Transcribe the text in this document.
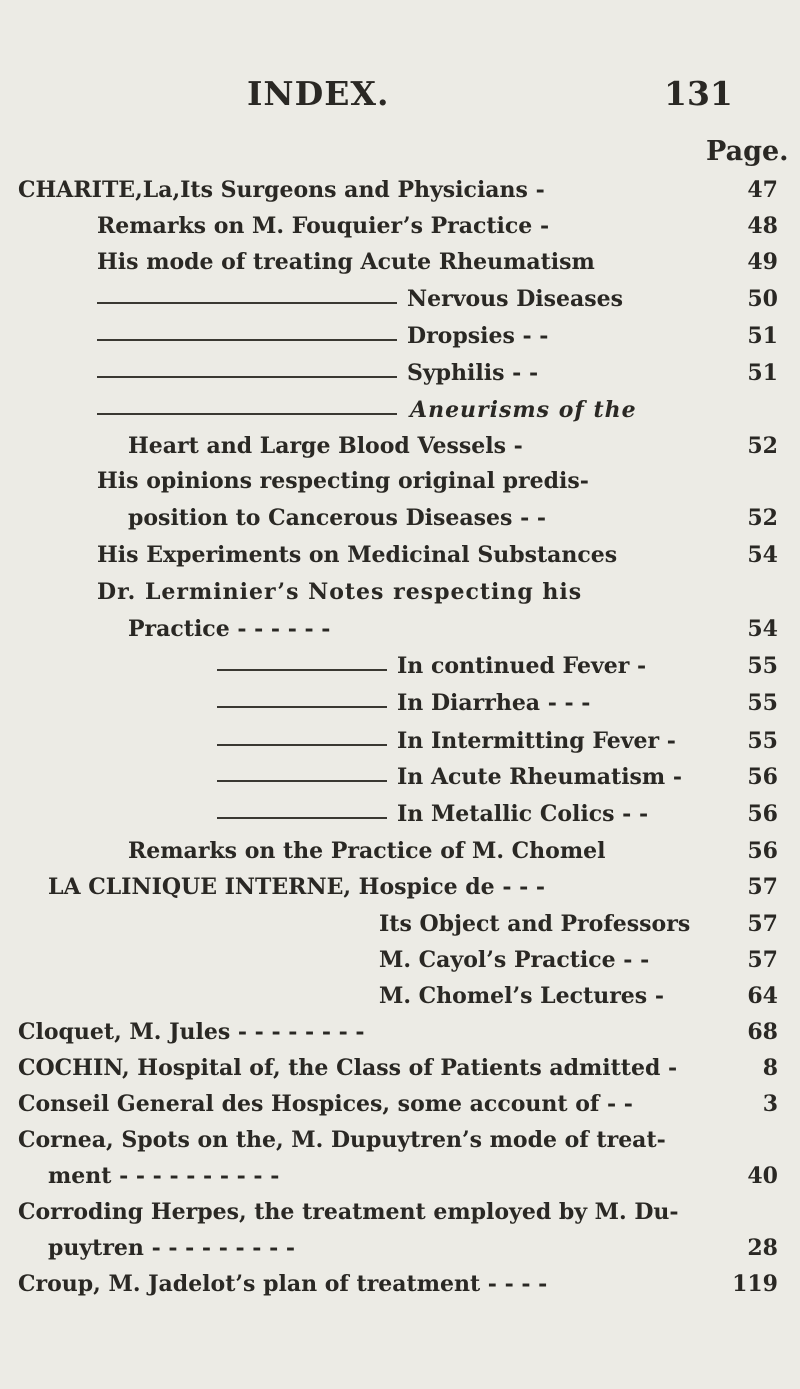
INDEX.	131
Page.
CHARITE,La,Its Surgeons and Physicians -	47
Remarks on M. Fouquier’s Practice -	48
His mode of treating Acute Rheumatism	49
Nervous Diseases	50
Dropsies - -	51
Syphilis - -	51
Aneurisms of the
Heart and Large Blood Vessels -	52
His opinions respecting original predis-
position to Cancerous Diseases - -	52
His Experiments on Medicinal Substances	54
Dr. Lerminier’s Notes respecting his
Practice - - - - - -	54
In continued Fever -	55
In Diarrhea - - -	55
In Intermitting Fever -	55
In Acute Rheumatism -	56
In Metallic Colics - -	56
Remarks on the Practice of M. Chomel	56
LA CLINIQUE INTERNE, Hospice de - - -	57
Its Object and Professors	57
M. Cayol’s Practice - -	57
M. Chomel’s Lectures -	64
Cloquet, M. Jules - - - - - - - -	68
COCHIN, Hospital of, the Class of Patients admitted -	8
Conseil General des Hospices, some account of - -	3
Cornea, Spots on the, M. Dupuytren’s mode of treat-
ment - - - - - - - - - -	40
Corroding Herpes, the treatment employed by M. Du-
puytren - - - - - - - - -	28
Croup, M. Jadelot’s plan of treatment - - - -	119
